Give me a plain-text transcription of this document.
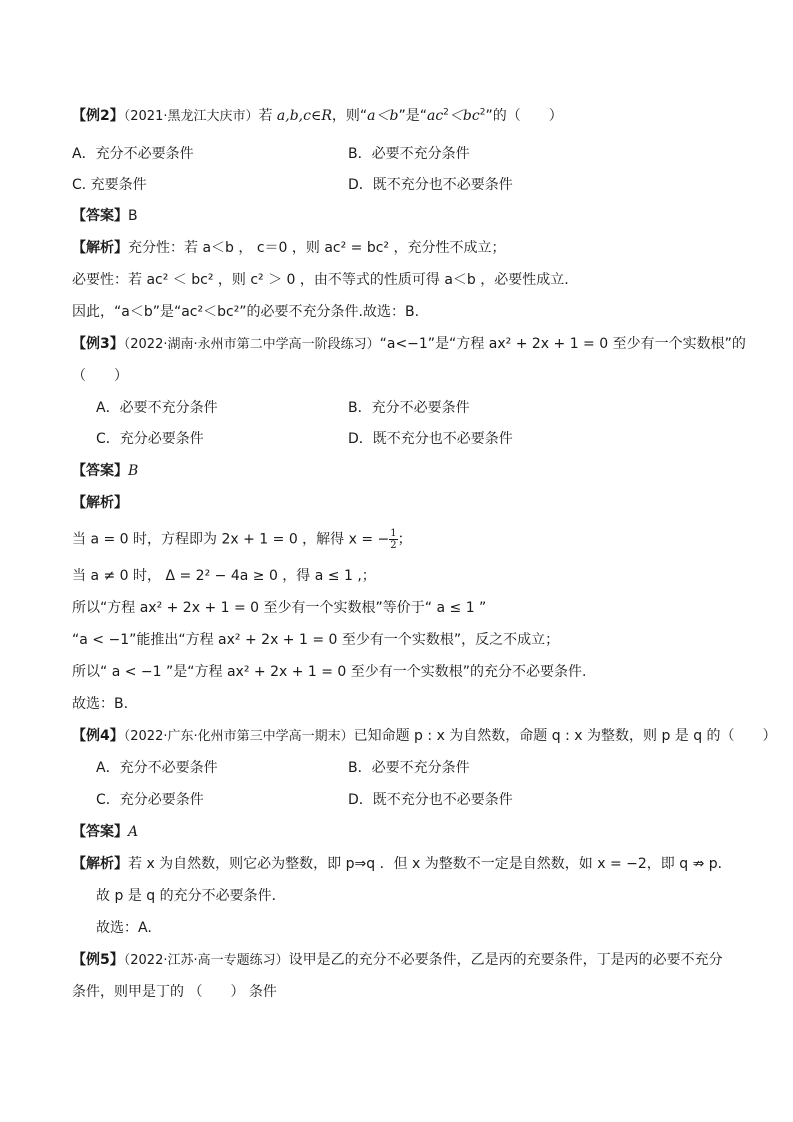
【例2】（2021·黑龙江大庆市）若 a,b,c∈R，则“a＜b”是“$ac^2<bc^2$”的（　　）
A．充分不必要条件	B．必要不充分条件
C. 充要条件	D．既不充分也不必要条件
【答案】B
【解析】充分性：若 a＜b ， c＝0 ，则 ac² = bc² ，充分性不成立；
必要性：若 ac² ＜ bc² ，则 c² ＞ 0 ，由不等式的性质可得 a＜b ，必要性成立.
因此，“a＜b”是“ac²＜bc²”的必要不充分条件.故选：B.
【例3】（2022·湖南·永州市第二中学高一阶段练习）“a<−1”是“方程 ax² + 2x + 1 = 0 至少有一个实数根”的
（　　）
A．必要不充分条件	B．充分不必要条件
C．充分必要条件	D．既不充分也不必要条件
【答案】B
【解析】
当 a = 0 时，方程即为 2x + 1 = 0 ，解得 x = − $\frac{1}{2}$ ；
当 a ≠ 0 时， Δ = 2² − 4a ≥ 0 ，得 a ≤ 1 ,；
所以“方程 ax² + 2x + 1 = 0 至少有一个实数根”等价于“ a ≤ 1 ”
“a < −1”能推出“方程 ax² + 2x + 1 = 0 至少有一个实数根”，反之不成立；
所以“ a < −1 ”是“方程 ax² + 2x + 1 = 0 至少有一个实数根”的充分不必要条件.
故选：B.
【例4】（2022·广东·化州市第三中学高一期末）已知命题 p : x 为自然数，命题 q : x 为整数，则 p 是 q 的（　　）
A．充分不必要条件	B．必要不充分条件
C．充分必要条件	D．既不充分也不必要条件
【答案】A
【解析】若 x 为自然数，则它必为整数，即 p⇒q ．但 x 为整数不一定是自然数，如 x = −2，即 q ⇏ p．
故 p 是 q 的充分不必要条件．
故选：A.
【例5】（2022·江苏·高一专题练习）设甲是乙的充分不必要条件，乙是丙的充要条件，丁是丙的必要不充分
条件，则甲是丁的 （　　） 条件
